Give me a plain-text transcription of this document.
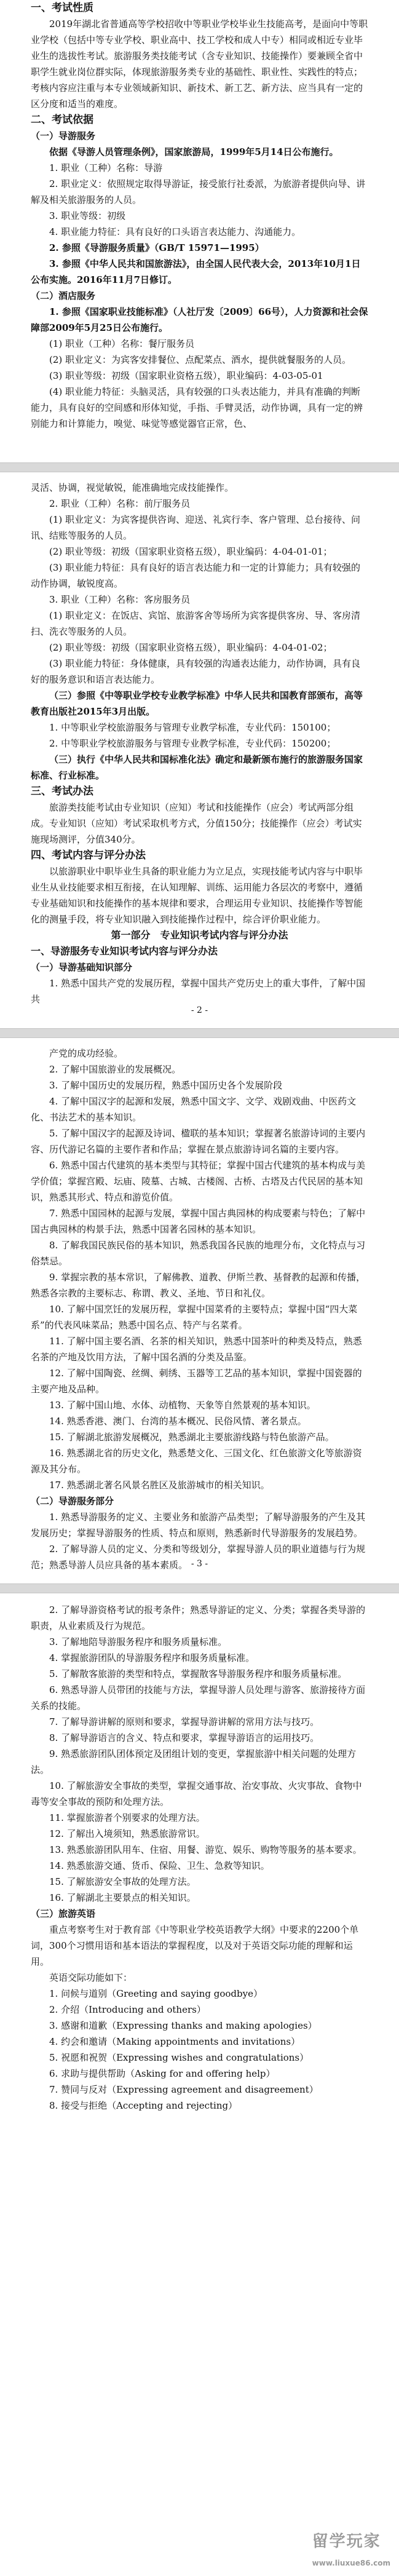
一、考试性质

2019年湖北省普通高等学校招收中等职业学校毕业生技能高考，是面向中等职业学校（包括中等专业学校、职业高中、技工学校和成人中专）相同或相近专业毕业生的选拔性考试。旅游服务类技能考试（含专业知识、技能操作）要兼顾全省中职学生就业岗位群实际，体现旅游服务类专业的基础性、职业性、实践性的特点；考核内容应注重与本专业领域新知识、新技术、新工艺、新方法、应当具有一定的区分度和适当的难度。

二、考试依据

（一）导游服务

依据《导游人员管理条例》，国家旅游局，1999年5月14日公布施行。

1. 职业（工种）名称：导游

2. 职业定义：依照规定取得导游证，接受旅行社委派，为旅游者提供向导、讲解及相关旅游服务的人员。

3. 职业等级：初级

4. 职业能力特征：具有良好的口头语言表达能力、沟通能力。

2. 参照《导游服务质量》（GB/T 15971—1995）

3. 参照《中华人民共和国旅游法》，由全国人民代表大会，2013年10月1日公布实施。2016年11月7日修订。

（二）酒店服务

1. 参照《国家职业技能标准》（人社厅发〔2009〕66号），人力资源和社会保障部2009年5月25日公布施行。

(1) 职业（工种）名称：餐厅服务员

(2) 职业定义：为宾客安排餐位、点配菜点、酒水，提供就餐服务的人员。

(3) 职业等级：初级（国家职业资格五级），职业编码：4-03-05-01

(4) 职业能力特征：头脑灵活，具有较强的口头表达能力，并具有准确的判断能力，具有良好的空间感和形体知觉，手指、手臂灵活，动作协调，具有一定的辨别能力和计算能力，嗅觉、味觉等感觉器官正常，色、

灵活、协调，视觉敏锐，能准确地完成技能操作。

2. 职业（工种）名称：前厅服务员

(1) 职业定义：为宾客提供咨询、迎送、礼宾行李、客户管理、总台接待、问讯、结账等服务的人员。

(2) 职业等级：初级（国家职业资格五级），职业编码：4-04-01-01；

(3) 职业能力特征：具有良好的语言表达能力和一定的计算能力；具有较强的动作协调，敏锐度高。

3. 职业（工种）名称：客房服务员

(1) 职业定义：在饭店、宾馆、旅游客舍等场所为宾客提供客房、导、客房清扫、洗衣等服务的人员。

(2) 职业等级：初级（国家职业资格五级），职业编码：4-04-01-02；

(3) 职业能力特征：身体健康，具有较强的沟通表达能力，动作协调，具有良好的服务意识和语言表达能力。

（三）参照《中等职业学校专业教学标准》中华人民共和国教育部颁布，高等教育出版社2015年3月出版。

1. 中等职业学校旅游服务与管理专业教学标准，专业代码：150100；

2. 中等职业学校旅游服务与管理专业教学标准，专业代码：150200；

（三）执行《中华人民共和国标准化法》确定和最新颁布施行的旅游服务国家标准、行业标准。

三、考试办法

旅游类技能考试由专业知识（应知）考试和技能操作（应会）考试两部分组成。专业知识（应知）考试采取机考方式，分值150分；技能操作（应会）考试实施现场测评，分值340分。

四、考试内容与评分办法

以旅游职业中职毕业生具备的职业能力为立足点，实现技能考试内容与中职毕业生从业技能要求相互衔接，在认知理解、训练、运用能力各层次的考察中，遵循专业基础知识和技能操作的基本规律和要求，合理运用专业知识、技能操作等智能化的测量手段，将专业知识融入到技能操作过程中，综合评价职业能力。

第一部分　专业知识考试内容与评分办法

一、导游服务专业知识考试内容与评分办法

（一）导游基础知识部分

1. 熟悉中国共产党的发展历程，掌握中国共产党历史上的重大事件，了解中国共

- 2 -

产党的成功经验。

2. 了解中国旅游业的发展概况。

3. 了解中国历史的发展历程，熟悉中国历史各个发展阶段

4. 了解中国汉字的起源和发展，熟悉中国文字、文学、戏剧戏曲、中医药文化、书法艺术的基本知识。

5. 了解中国汉字的起源及诗词、楹联的基本知识；掌握著名旅游诗词的主要内容、历代游记名篇的主要作者和作品；掌握在景点旅游诗词名篇的主要内容。

6. 熟悉中国古代建筑的基本类型与其特征；掌握中国古代建筑的基本构成与美学价值；掌握宫殿、坛庙、陵墓、古城、古楼阁、古桥、古塔及古代民居的基本知识，熟悉其形式、特点和游览价值。

7. 熟悉中国园林的起源与发展，掌握中国古典园林的构成要素与特色；了解中国古典园林的构景手法，熟悉中国著名园林的基本知识。

8. 了解我国民族民俗的基本知识，熟悉我国各民族的地理分布，文化特点与习俗禁忌。

9. 掌握宗教的基本常识，了解佛教、道教、伊斯兰教、基督教的起源和传播，熟悉各宗教的主要标志、称谓、教义、圣地、节日和礼仪。

10. 了解中国烹饪的发展历程，掌握中国菜肴的主要特点；掌握中国“四大菜系”的代表风味菜品；熟悉中国名点、特产与名菜肴。

11. 了解中国主要名酒、名茶的相关知识，熟悉中国茶叶的种类及特点，熟悉名茶的产地及饮用方法，了解中国名酒的分类及品鉴。

12. 了解中国陶瓷、丝绸、刺绣、玉器等工艺品的基本知识，掌握中国瓷器的主要产地及品种。

13. 了解中国山地、水体、动植物、天象等自然景观的基本知识。

14. 熟悉香港、澳门、台湾的基本概况、民俗风情、著名景点。

15. 了解湖北旅游发展概况，熟悉湖北主要旅游线路与特色旅游产品。

16. 熟悉湖北省的历史文化，熟悉楚文化、三国文化、红色旅游文化等旅游资源及其分布。

17. 熟悉湖北著名风景名胜区及旅游城市的相关知识。

（二）导游服务部分

1. 熟悉导游服务的定义、主要业务和旅游产品类型；了解导游服务的产生及其发展历史；掌握导游服务的性质、特点和原则，熟悉新时代导游服务的发展趋势。

2. 了解导游人员的定义、分类和等级划分，掌握导游人员的职业道德与行为规范；熟悉导游人员应具备的基本素质。 - 3 -

2. 了解导游资格考试的报考条件；熟悉导游证的定义、分类；掌握各类导游的职责，从业素质及行为规范。

3. 了解地陪导游服务程序和服务质量标准。

4. 掌握旅游团队的导游服务程序和服务质量标准。

5. 了解散客旅游的类型和特点，掌握散客导游服务程序和服务质量标准。

6. 熟悉导游人员带团的技能与方法，掌握导游人员处理与游客、旅游接待方面关系的技能。

7. 了解导游讲解的原则和要求，掌握导游讲解的常用方法与技巧。

8. 了解导游语言的含义、特点和要求，掌握导游语言的运用技巧。

9. 熟悉旅游团队团体预定及团组计划的变更，掌握旅游中相关问题的处理方法。

10. 了解旅游安全事故的类型，掌握交通事故、治安事故、火灾事故、食物中毒等安全事故的预防和处理方法。

11. 掌握旅游者个别要求的处理方法。

12. 了解出入境须知，熟悉旅游常识。

13. 熟悉旅游团队用车、住宿、用餐、游览、娱乐、购物等服务的基本要求。

14. 熟悉旅游交通、货币、保险、卫生、急救等知识。

15. 了解旅游安全事故的处理方法。

16. 了解湖北主要景点的相关知识。

（三）旅游英语

重点考察考生对于教育部《中等职业学校英语教学大纲》中要求的2200个单词，300个习惯用语和基本语法的掌握程度，以及对于英语交际功能的理解和运用。

英语交际功能如下：

1. 问候与道别（Greeting and saying goodbye）

2. 介绍（Introducing and others）

3. 感谢和道歉（Expressing thanks and making apologies）

4. 约会和邀请（Making appointments and invitations）

5. 祝愿和祝贺（Expressing wishes and congratulations）

6. 求助与提供帮助（Asking for and offering help）

7. 赞同与反对（Expressing agreement and disagreement）

8. 接受与拒绝（Accepting and rejecting）

留学玩家
www.liuxue86.com
